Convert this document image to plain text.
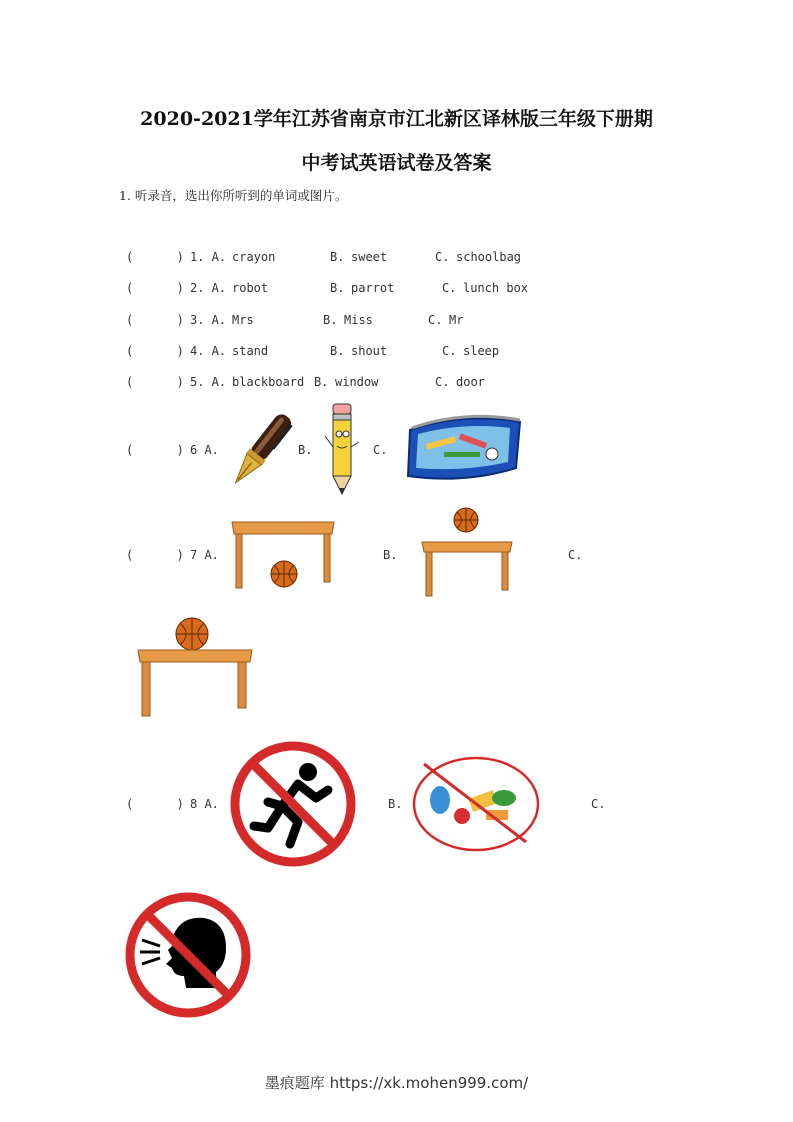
2020-2021学年江苏省南京市江北新区译林版三年级下册期
中考试英语试卷及答案
1. 听录音，选出你所听到的单词或图片。
(      ) 1. A. crayon	B. sweet	C. schoolbag
(      ) 2. A. robot	B. parrot	C. lunch box
(      ) 3. A. Mrs	B. Miss	C. Mr
(      ) 4. A. stand	B. shout	C. sleep
(      ) 5. A. blackboard B. window	C. door
(      ) 6 A.	B.	C.
(      ) 7 A.	B.	C.
(      ) 8 A.	B.	C.
墨痕题库 https://xk.mohen999.com/
